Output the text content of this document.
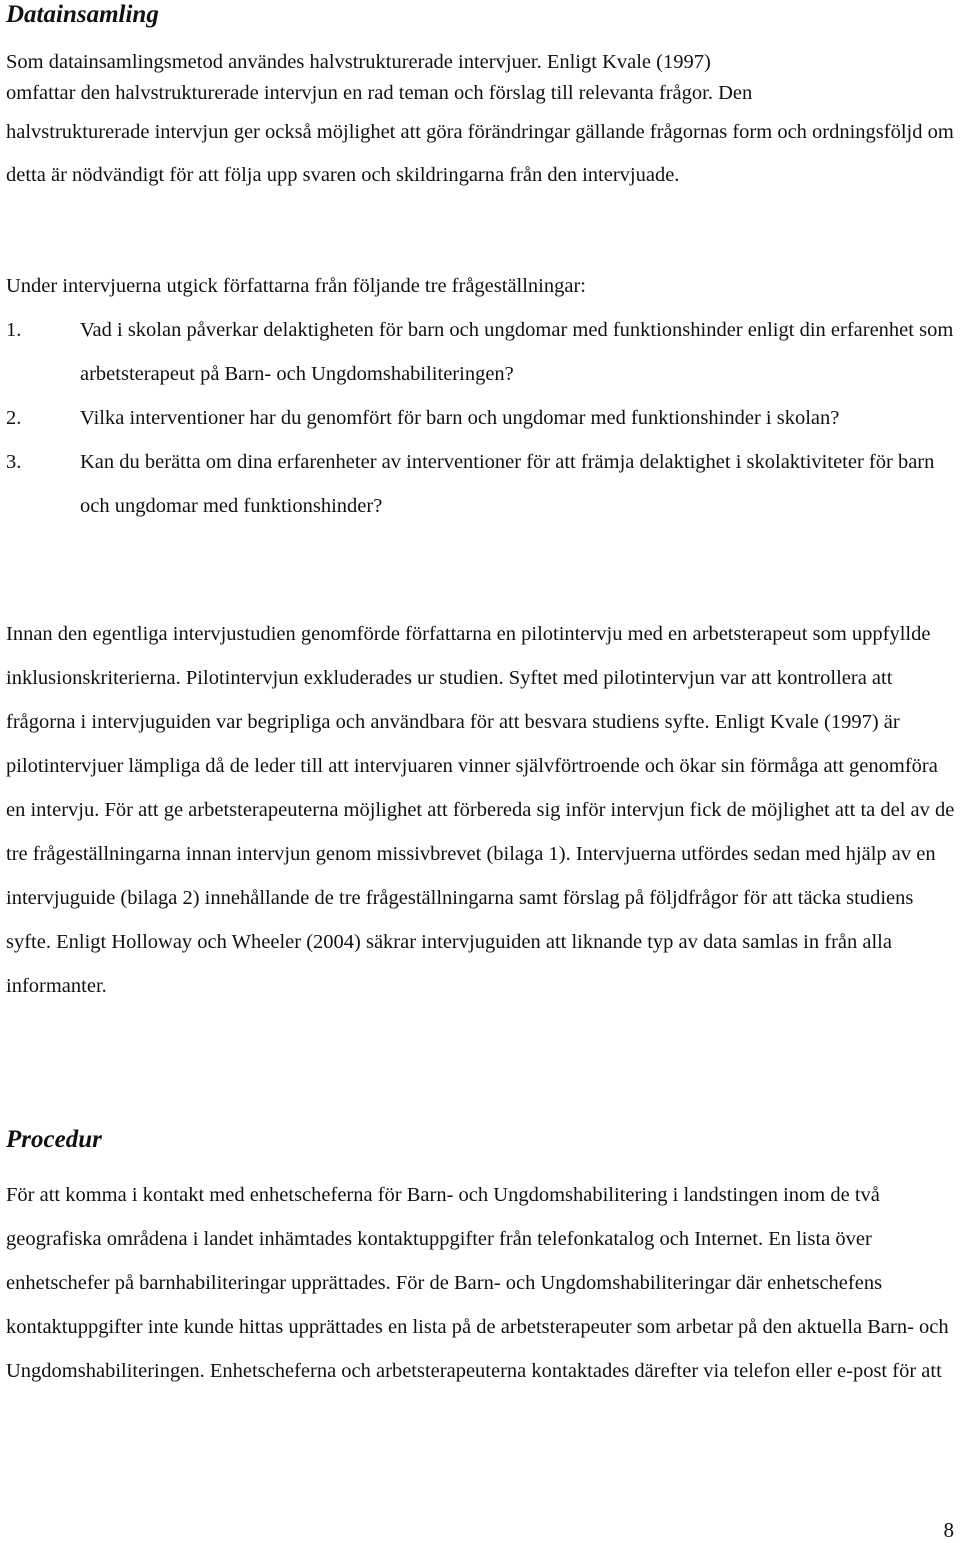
Datainsamling

Som datainsamlingsmetod användes halvstrukturerade intervjuer. Enligt Kvale (1997)
omfattar den halvstrukturerade intervjun en rad teman och förslag till relevanta frågor. Den

halvstrukturerade intervjun ger också möjlighet att göra förändringar gällande frågornas form och ordningsföljd om detta är nödvändigt för att följa upp svaren och skildringarna från den intervjuade.

Under intervjuerna utgick författarna från följande tre frågeställningar:

1.	Vad i skolan påverkar delaktigheten för barn och ungdomar med funktionshinder enligt din erfarenhet som arbetsterapeut på Barn- och Ungdomshabiliteringen?
2.	Vilka interventioner har du genomfört för barn och ungdomar med funktionshinder i skolan?
3.	Kan du berätta om dina erfarenheter av interventioner för att främja delaktighet i skolaktiviteter för barn och ungdomar med funktionshinder?

Innan den egentliga intervjustudien genomförde författarna en pilotintervju med en arbetsterapeut som uppfyllde inklusionskriterierna. Pilotintervjun exkluderades ur studien. Syftet med pilotintervjun var att kontrollera att frågorna i intervjuguiden var begripliga och användbara för att besvara studiens syfte. Enligt Kvale (1997) är pilotintervjuer lämpliga då de leder till att intervjuaren vinner självförtroende och ökar sin förmåga att genomföra en intervju. För att ge arbetsterapeuterna möjlighet att förbereda sig inför intervjun fick de möjlighet att ta del av de tre frågeställningarna innan intervjun genom missivbrevet (bilaga 1). Intervjuerna utfördes sedan med hjälp av en intervjuguide (bilaga 2) innehållande de tre frågeställningarna samt förslag på följdfrågor för att täcka studiens syfte. Enligt Holloway och Wheeler (2004) säkrar intervjuguiden att liknande typ av data samlas in från alla informanter.

Procedur

För att komma i kontakt med enhetscheferna för Barn- och Ungdomshabilitering i landstingen inom de två geografiska områdena i landet inhämtades kontaktuppgifter från telefonkatalog och Internet. En lista över enhetschefer på barnhabiliteringar upprättades. För de Barn- och Ungdomshabiliteringar där enhetschefens kontaktuppgifter inte kunde hittas upprättades en lista på de arbetsterapeuter som arbetar på den aktuella Barn- och Ungdomshabiliteringen. Enhetscheferna och arbetsterapeuterna kontaktades därefter via telefon eller e-post för att

8
